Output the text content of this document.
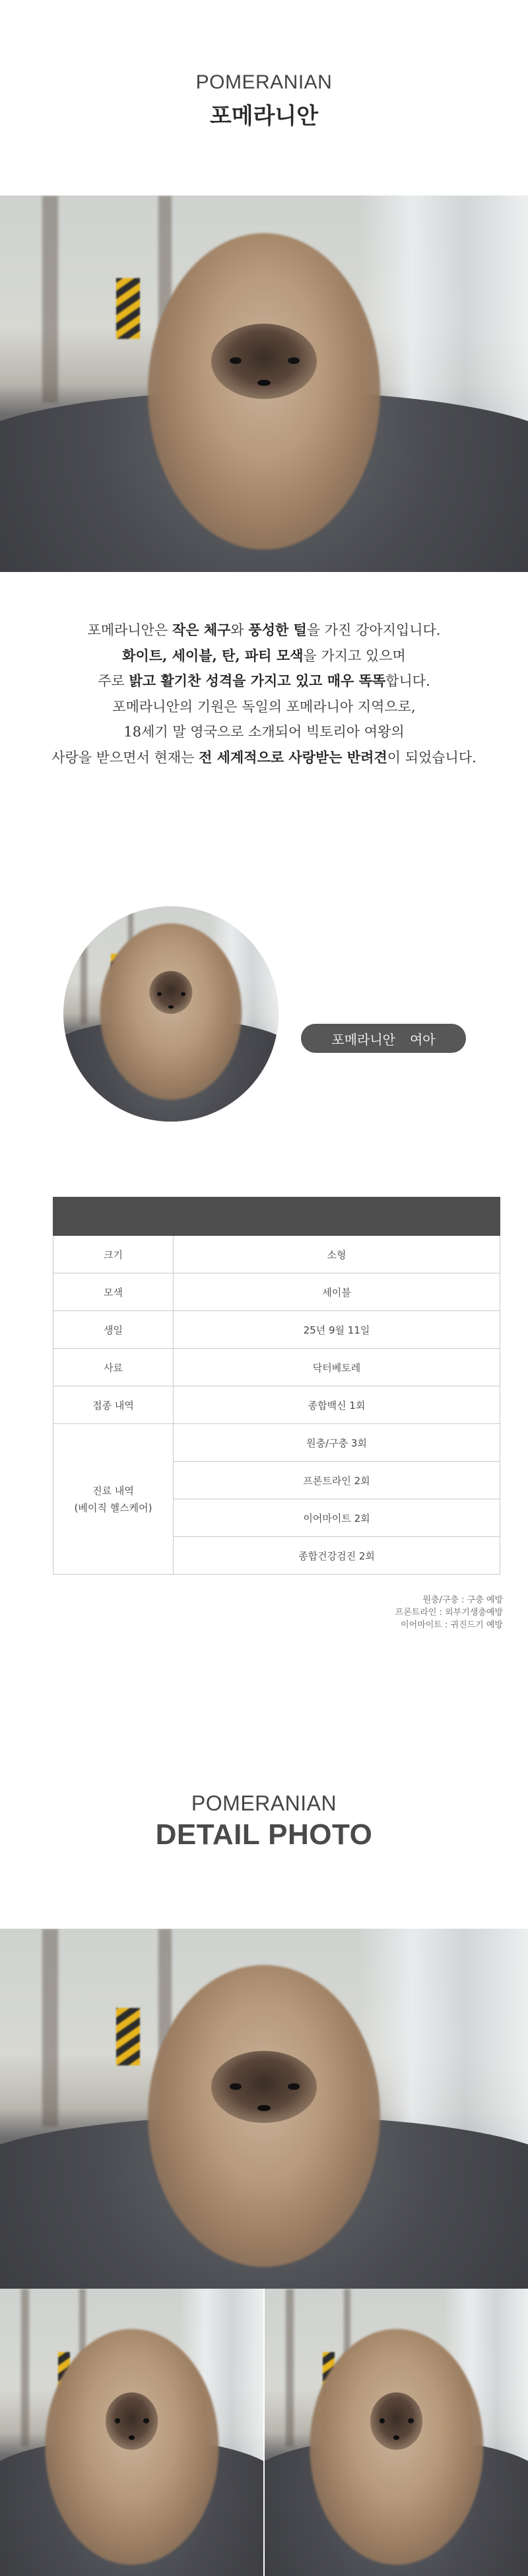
POMERANIAN
포메라니안
포메라니안은 작은 체구와 풍성한 털을 가진 강아지입니다.
화이트, 세이블, 탄, 파티 모색을 가지고 있으며
주로 밝고 활기찬 성격을 가지고 있고 매우 똑똑합니다.
포메라니안의 기원은 독일의 포메라니아 지역으로,
18세기 말 영국으로 소개되어 빅토리아 여왕의
사랑을 받으면서 현재는 전 세계적으로 사랑받는 반려견이 되었습니다.
포메라니안 여아

크기	소형
모색	세이블
생일	25년 9월 11일
사료	닥터베토레
접종 내역	종합백신 1회

진료 내역
(베이직 헬스케어)	원충/구충 3회
	프론트라인 2회
	이어마이트 2회
	종합건강검진 2회
원충/구충 : 구충 예방
프론트라인 : 외부기생충예방
이어마이트 : 귀진드기 예방
POMERANIAN
DETAIL PHOTO
